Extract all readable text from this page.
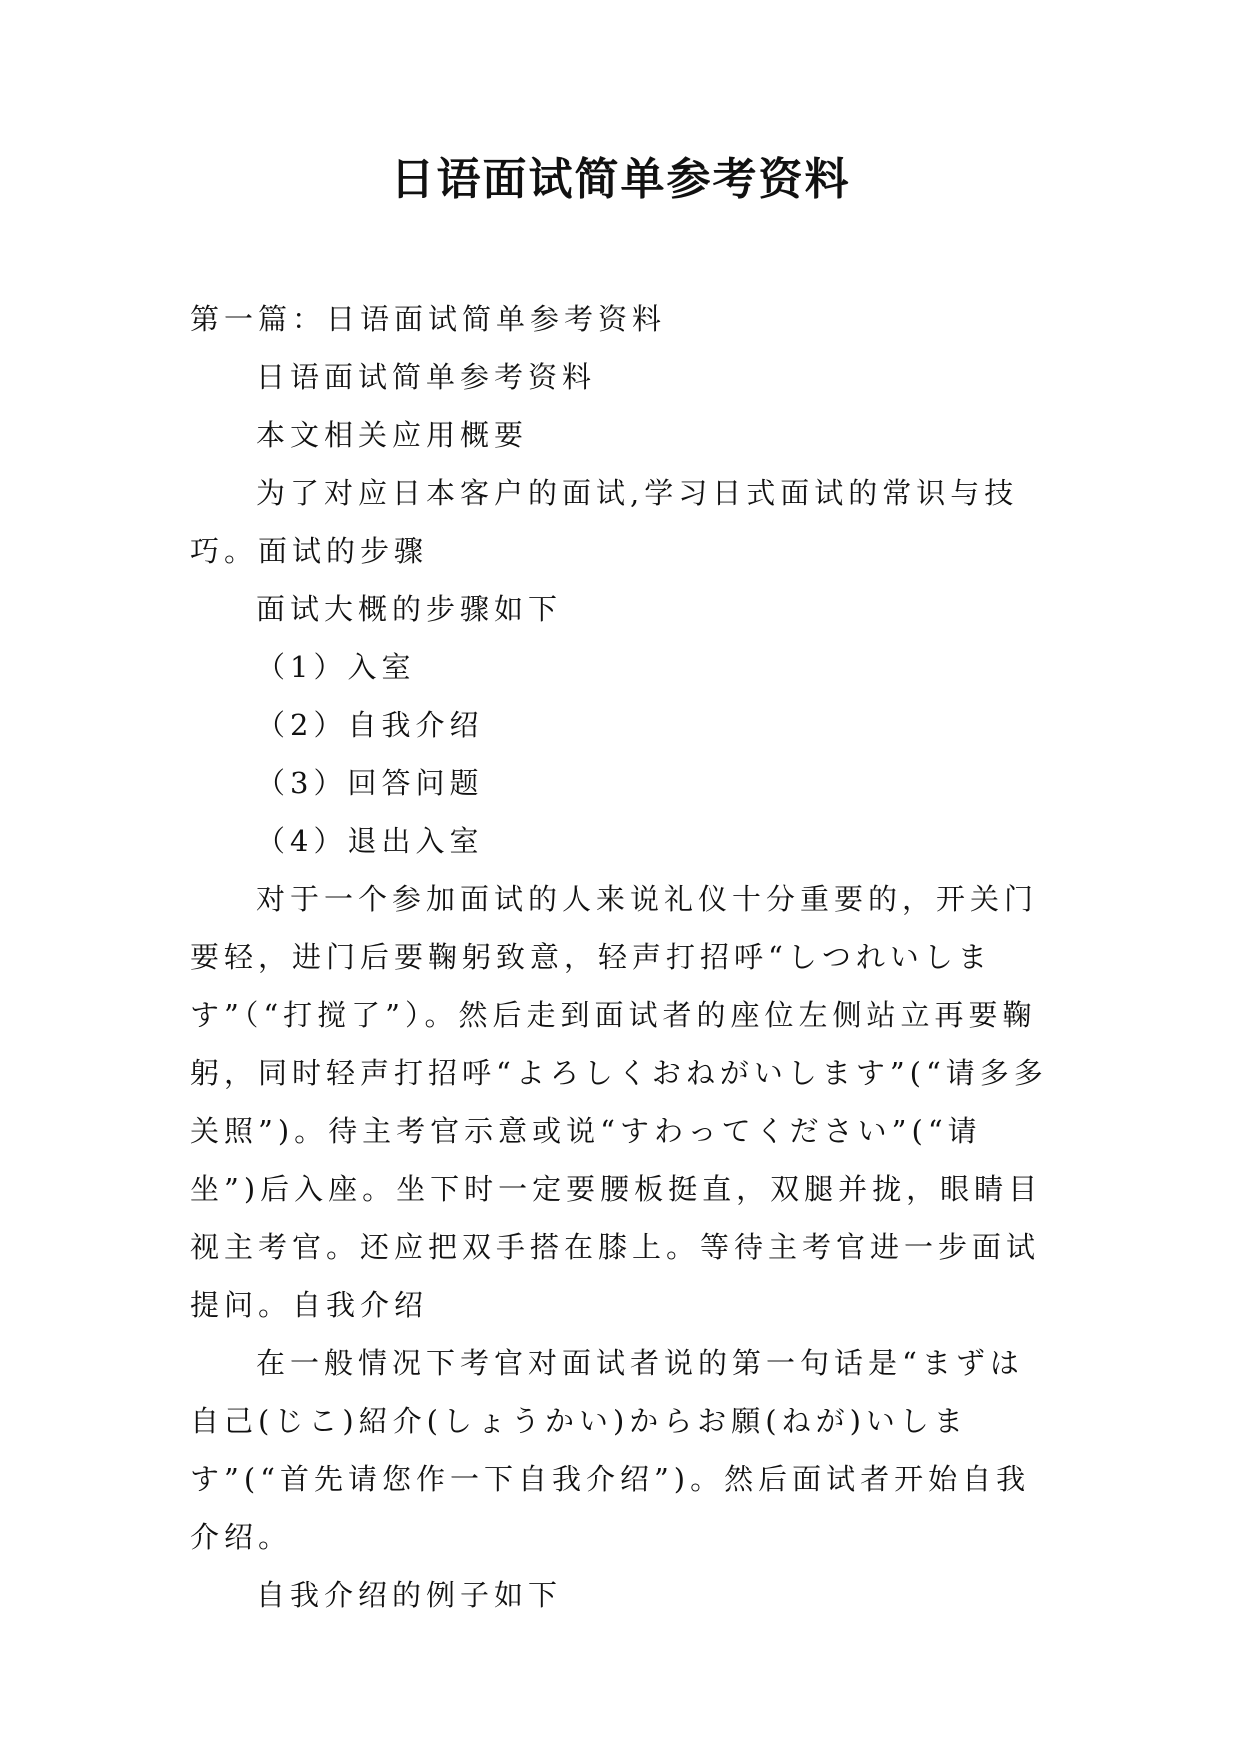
日语面试简单参考资料

第一篇：日语面试简单参考资料

日语面试简单参考资料

本文相关应用概要

为了对应日本客户的面试,学习日式面试的常识与技巧。面试的步骤

面试大概的步骤如下

（1）入室

（2）自我介绍

（3）回答问题

（4）退出入室

对于一个参加面试的人来说礼仪十分重要的，开关门要轻，进门后要鞠躬致意，轻声打招呼“しつれいします”（“打搅了”）。然后走到面试者的座位左侧站立再要鞠躬，同时轻声打招呼“よろしくおねがいします”(“请多多关照”)。待主考官示意或说“すわってください”(“请坐”)后入座。坐下时一定要腰板挺直，双腿并拢，眼睛目视主考官。还应把双手搭在膝上。等待主考官进一步面试提问。自我介绍

在一般情况下考官对面试者说的第一句话是“まずは自己(じこ)紹介(しょうかい)からお願(ねが)いします”(“首先请您作一下自我介绍”)。然后面试者开始自我介绍。

自我介绍的例子如下
